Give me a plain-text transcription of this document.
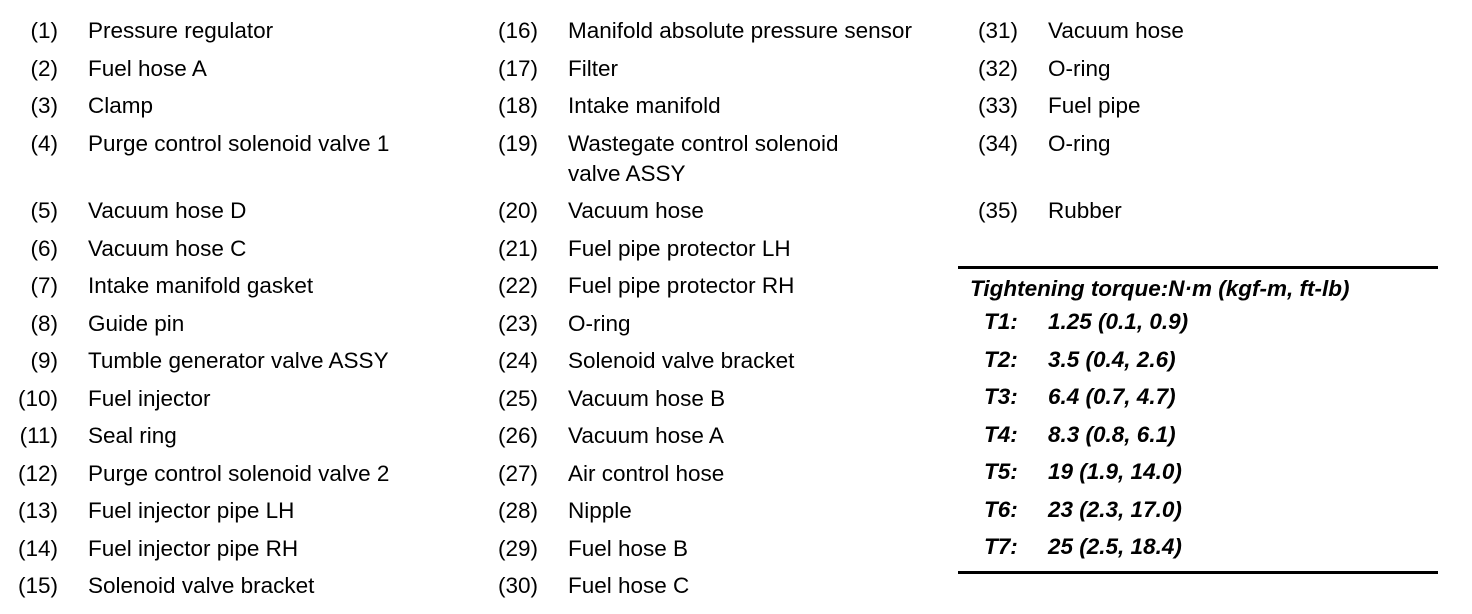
(1) Pressure regulator
(2) Fuel hose A
(3) Clamp
(4) Purge control solenoid valve 1
(5) Vacuum hose D
(6) Vacuum hose C
(7) Intake manifold gasket
(8) Guide pin
(9) Tumble generator valve ASSY
(10) Fuel injector
(11) Seal ring
(12) Purge control solenoid valve 2
(13) Fuel injector pipe LH
(14) Fuel injector pipe RH
(15) Solenoid valve bracket
(16) Manifold absolute pressure sensor
(17) Filter
(18) Intake manifold
(19) Wastegate control solenoid valve ASSY
(20) Vacuum hose
(21) Fuel pipe protector LH
(22) Fuel pipe protector RH
(23) O-ring
(24) Solenoid valve bracket
(25) Vacuum hose B
(26) Vacuum hose A
(27) Air control hose
(28) Nipple
(29) Fuel hose B
(30) Fuel hose C
(31) Vacuum hose
(32) O-ring
(33) Fuel pipe
(34) O-ring
(35) Rubber
Tightening torque:N·m (kgf-m, ft-lb)
T1: 1.25 (0.1, 0.9)
T2: 3.5 (0.4, 2.6)
T3: 6.4 (0.7, 4.7)
T4: 8.3 (0.8, 6.1)
T5: 19 (1.9, 14.0)
T6: 23 (2.3, 17.0)
T7: 25 (2.5, 18.4)
